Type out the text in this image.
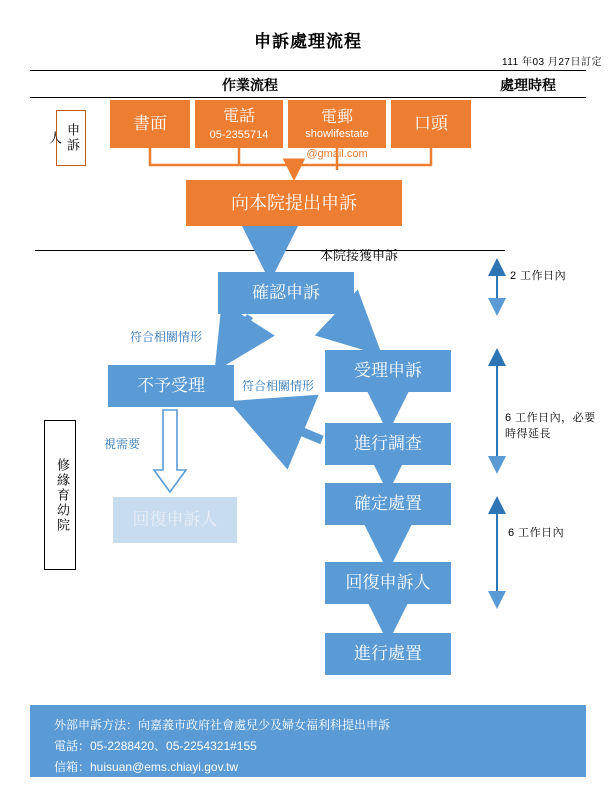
申訴處理流程
111 年03 月27日訂定
作業流程	處理時程
申訴人
修緣育幼院
書面	電話
05-2355714
電郵
showlifestate
@gmail.com
口頭
向本院提出申訴
本院接獲申訴
確認申訴
不予受理
受理申訴
進行調查
確定處置
回復申訴人
進行處置
回復申訴人
符合相關情形
符合相關情形
視需要
2 工作日內
6 工作日內，必要時得延長
6 工作日內
外部申訴方法：向嘉義市政府社會處兒少及婦女福利科提出申訴
電話：05-2288420、05-2254321#155
信箱：huisuan@ems.chiayi.gov.tw
